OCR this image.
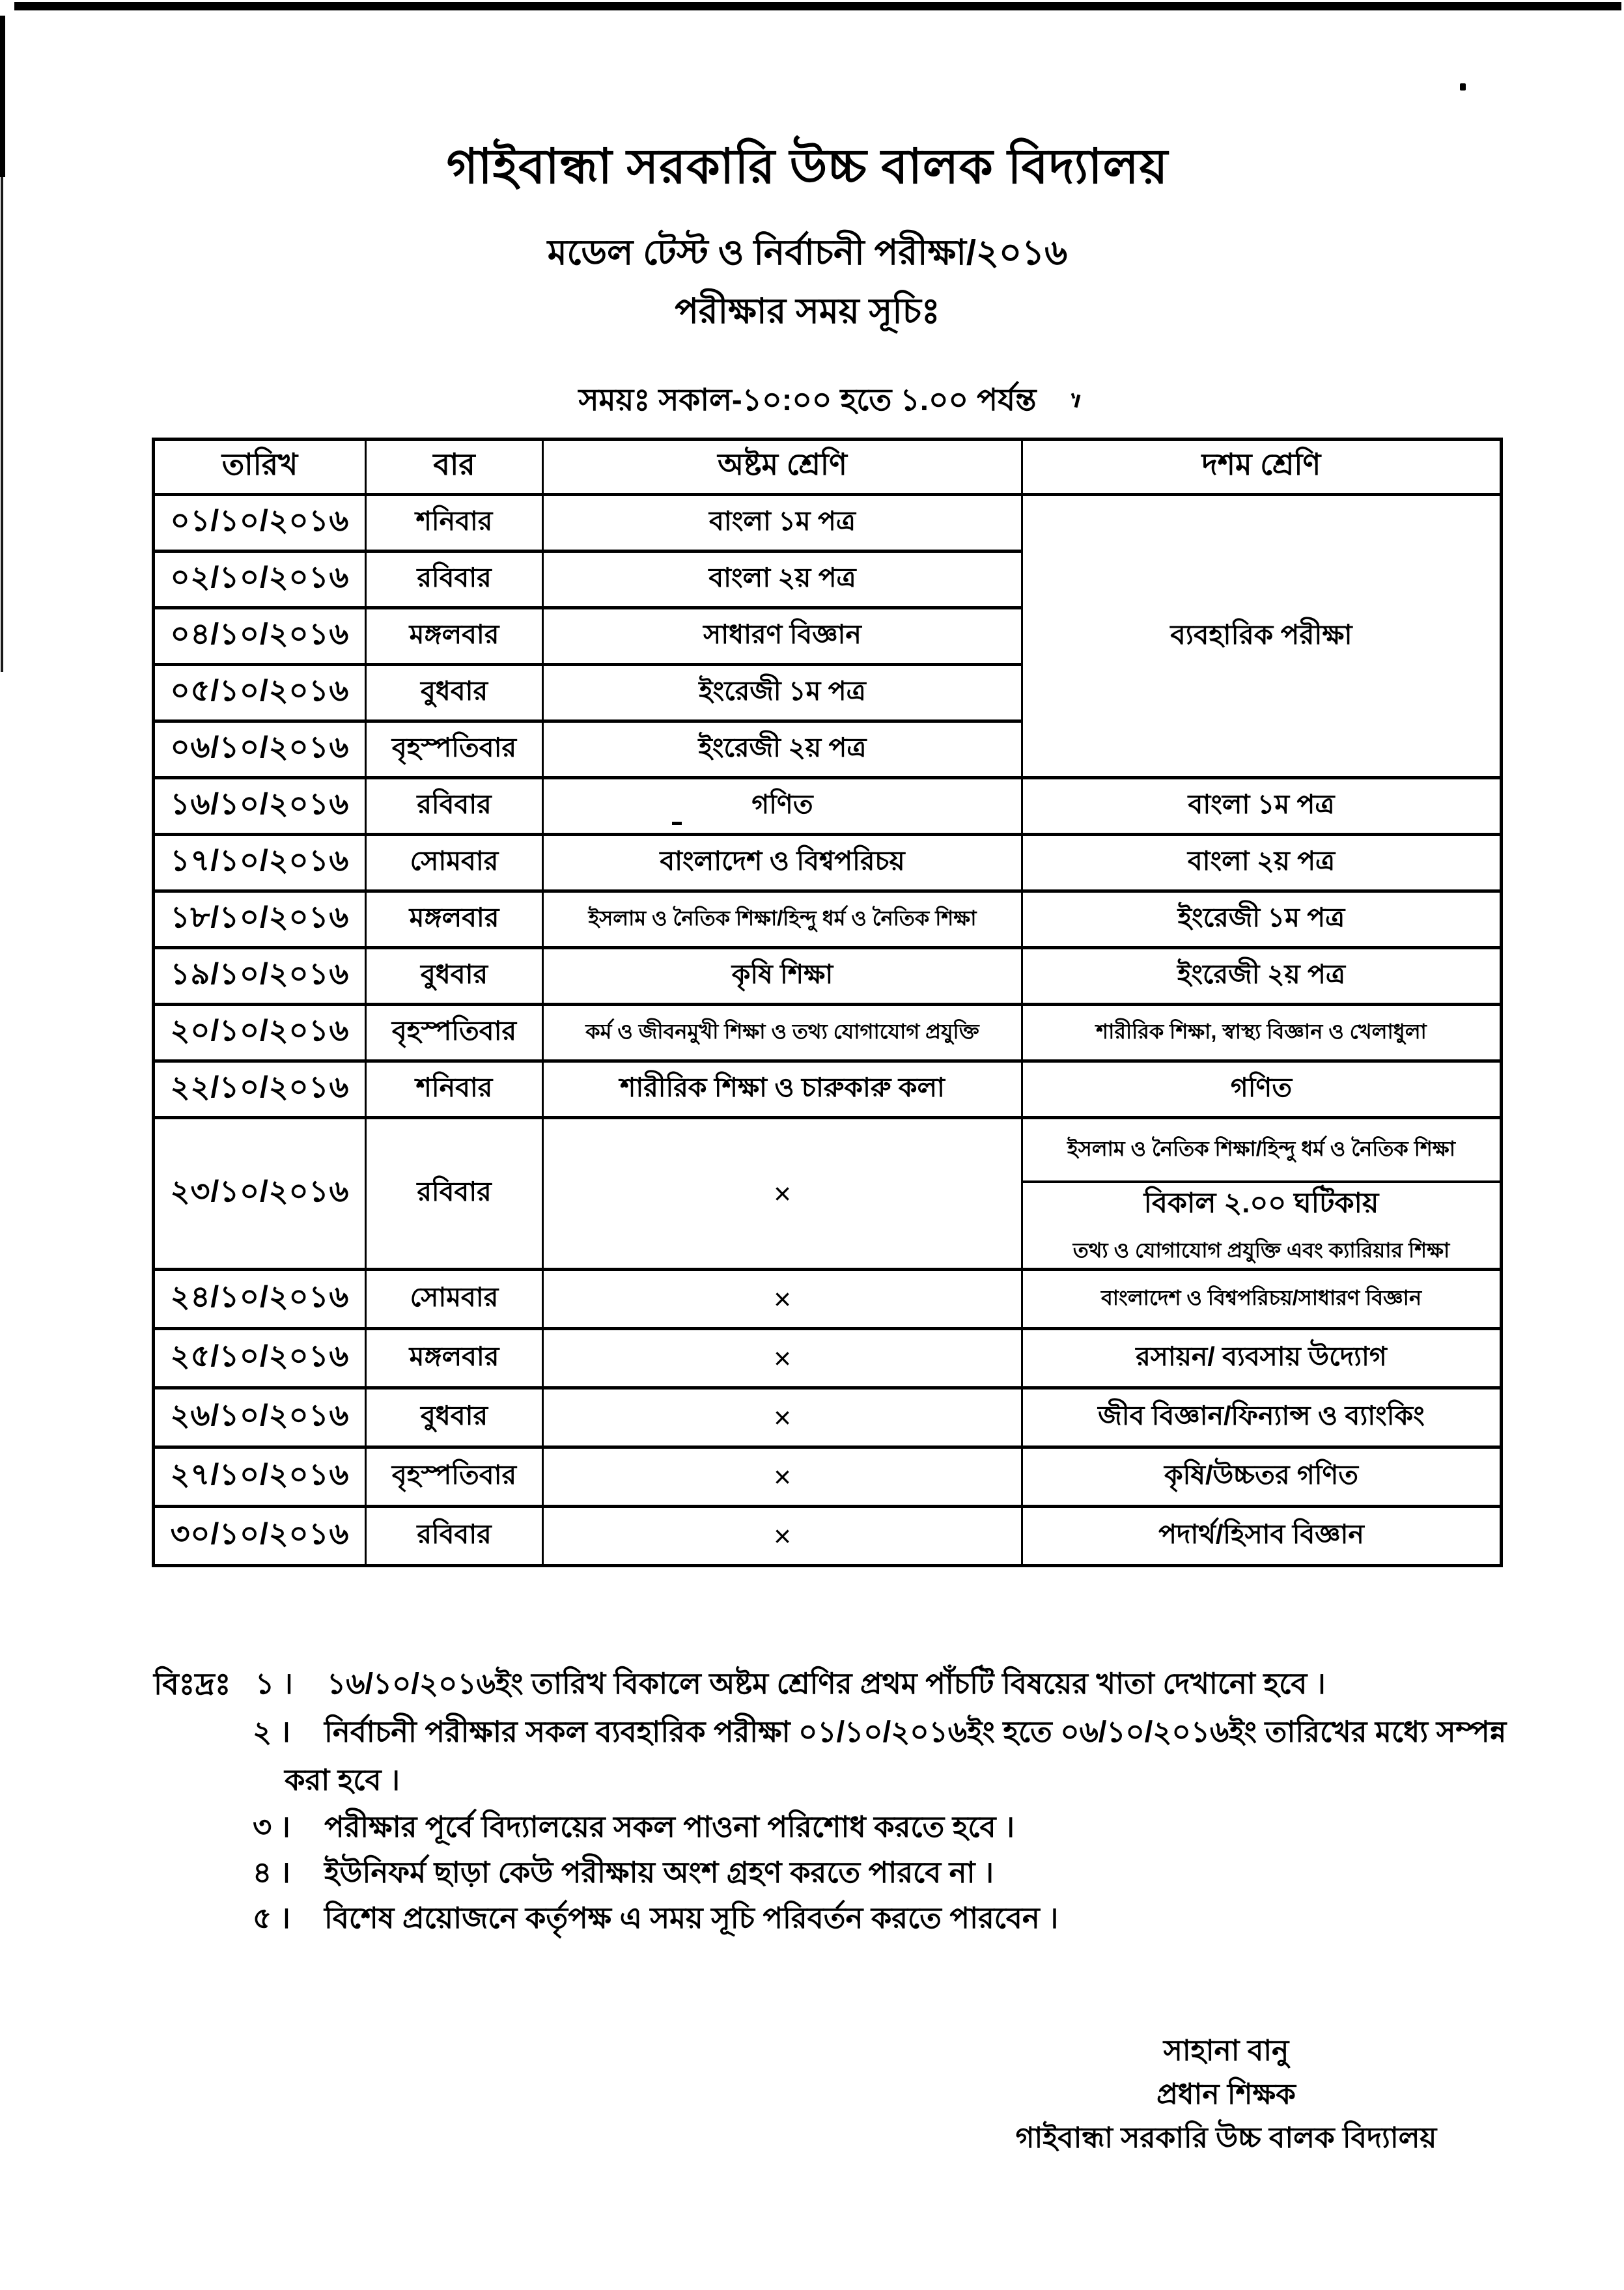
গাইবান্ধা সরকারি উচ্চ বালক বিদ্যালয়
মডেল টেস্ট ও নির্বাচনী পরীক্ষা/২০১৬
পরীক্ষার সময় সূচিঃ
সময়ঃ সকাল-১০:০০ হতে ১.০০ পর্যন্ত
তারিখ	বার	অষ্টম শ্রেণি	দশম শ্রেণি
০১/১০/২০১৬	শনিবার	বাংলা ১ম পত্র	ব্যবহারিক পরীক্ষা
০২/১০/২০১৬	রবিবার	বাংলা ২য় পত্র	
০৪/১০/২০১৬	মঙ্গলবার	সাধারণ বিজ্ঞান	
০৫/১০/২০১৬	বুধবার	ইংরেজী ১ম পত্র	
০৬/১০/২০১৬	বৃহস্পতিবার	ইংরেজী ২য় পত্র	
১৬/১০/২০১৬	রবিবার	গণিত	বাংলা ১ম পত্র
১৭/১০/২০১৬	সোমবার	বাংলাদেশ ও বিশ্বপরিচয়	বাংলা ২য় পত্র
১৮/১০/২০১৬	মঙ্গলবার	ইসলাম ও নৈতিক শিক্ষা/হিন্দু ধর্ম ও নৈতিক শিক্ষা	ইংরেজী ১ম পত্র
১৯/১০/২০১৬	বুধবার	কৃষি শিক্ষা	ইংরেজী ২য় পত্র
২০/১০/২০১৬	বৃহস্পতিবার	কর্ম ও জীবনমুখী শিক্ষা ও তথ্য যোগাযোগ প্রযুক্তি	শারীরিক শিক্ষা, স্বাস্থ্য বিজ্ঞান ও খেলাধুলা
২২/১০/২০১৬	শনিবার	শারীরিক শিক্ষা ও চারুকারু কলা	গণিত
২৩/১০/২০১৬	রবিবার	×	ইসলাম ও নৈতিক শিক্ষা/হিন্দু ধর্ম ও নৈতিক শিক্ষা
বিকাল ২.০০ ঘটিকায়
তথ্য ও যোগাযোগ প্রযুক্তি এবং ক্যারিয়ার শিক্ষা

২৪/১০/২০১৬	সোমবার	×	বাংলাদেশ ও বিশ্বপরিচয়/সাধারণ বিজ্ঞান
২৫/১০/২০১৬	মঙ্গলবার	×	রসায়ন/ ব্যবসায় উদ্যোগ
২৬/১০/২০১৬	বুধবার	×	জীব বিজ্ঞান/ফিন্যান্স ও ব্যাংকিং
২৭/১০/২০১৬	বৃহস্পতিবার	×	কৃষি/উচ্চতর গণিত
৩০/১০/২০১৬	রবিবার	×	পদার্থ/হিসাব বিজ্ঞান
বিঃদ্রঃ ১ । ১৬/১০/২০১৬ইং তারিখ বিকালে অষ্টম শ্রেণির প্রথম পাঁচটি বিষয়ের খাতা দেখানো হবে ।
২ । নির্বাচনী পরীক্ষার সকল ব্যবহারিক পরীক্ষা ০১/১০/২০১৬ইং হতে ০৬/১০/২০১৬ইং তারিখের মধ্যে সম্পন্ন
করা হবে ।
৩ । পরীক্ষার পূর্বে বিদ্যালয়ের সকল পাওনা পরিশোধ করতে হবে ।
৪ । ইউনিফর্ম ছাড়া কেউ পরীক্ষায় অংশ গ্রহণ করতে পারবে না ।
৫ । বিশেষ প্রয়োজনে কর্তৃপক্ষ এ সময় সূচি পরিবর্তন করতে পারবেন ।
সাহানা বানু
প্রধান শিক্ষক
গাইবান্ধা সরকারি উচ্চ বালক বিদ্যালয়
